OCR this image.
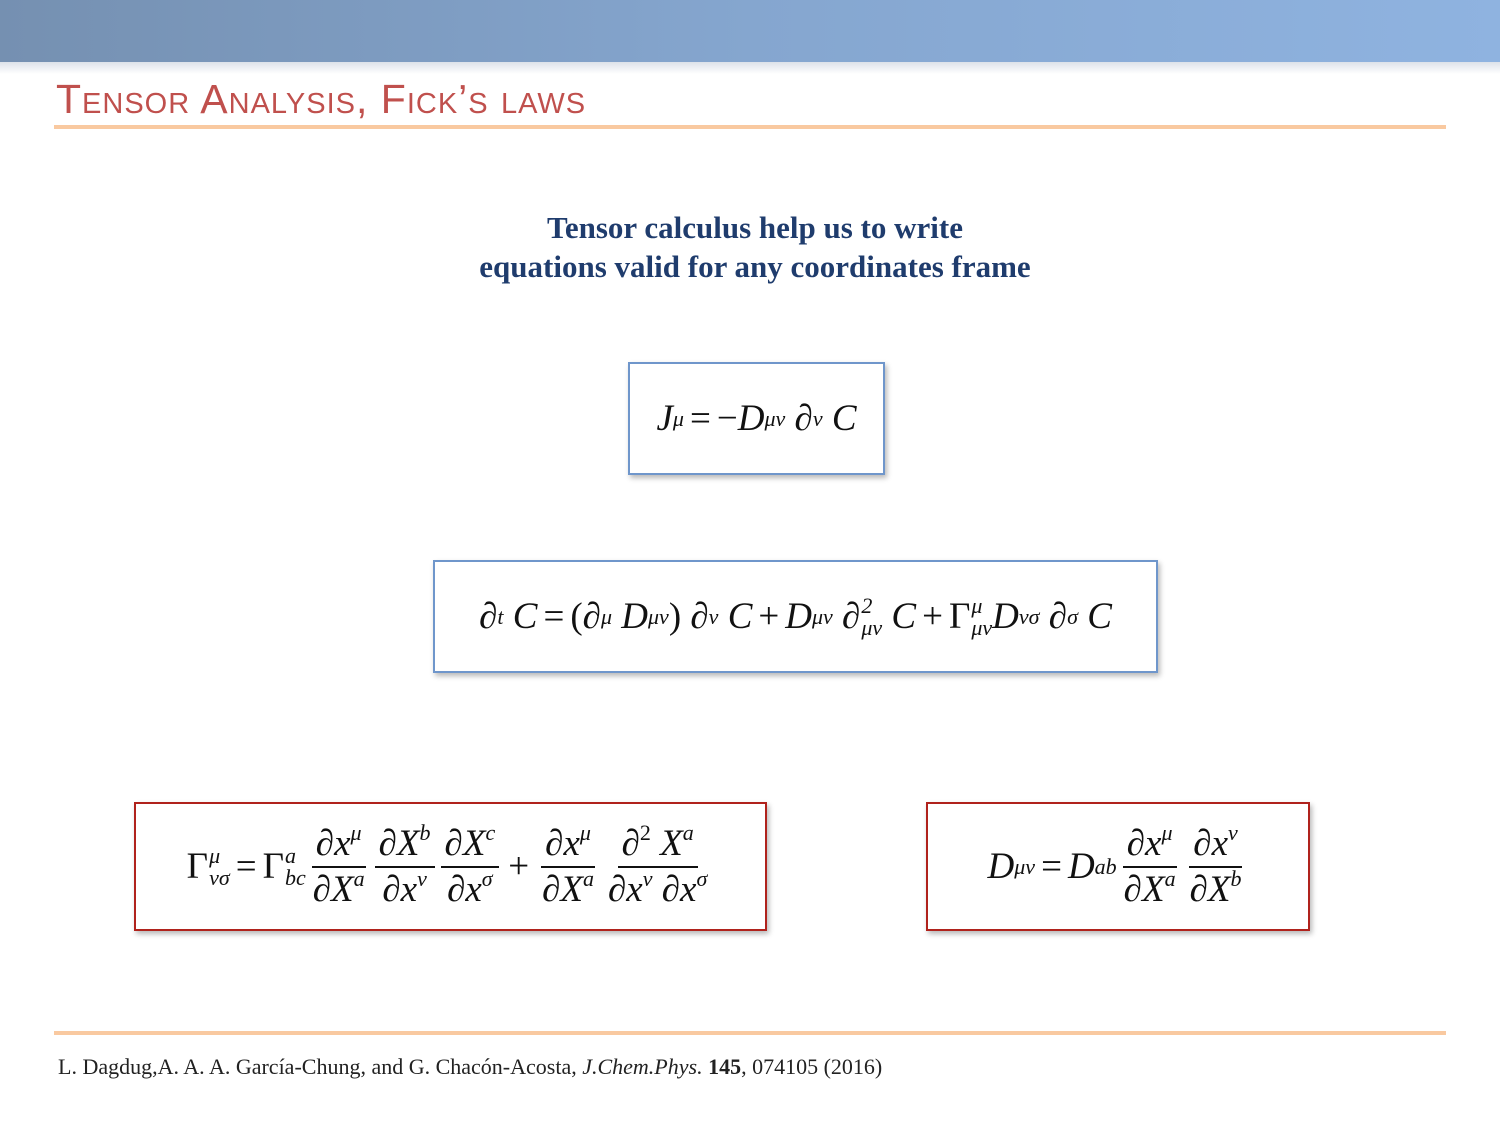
Tensor Analysis, Fick’s laws
Tensor calculus help us to write
equations valid for any coordinates frame
J μ = − D μν ∂ ν
C
∂ t
C = (∂ μ
D μν ) ∂ ν
C + D μν ∂ 2
μν
C + Γ μ
μν D νσ ∂ σ
C
Γ μ
νσ = Γ a
bc $\frac{\partial x^\mu}{\partial X^a} \frac{\partial X^b}{\partial x^\nu} \frac{\partial X^c}{\partial x^\sigma} + \frac{\partial x^\mu}{\partial X^a} \frac{\partial^2 X^a}{\partial x^\nu \partial x^\sigma}$	D μν = D ab $\frac{\partial x^\mu}{\partial X^a} \frac{\partial x^\nu}{\partial X^b}$
L. Dagdug,A. A. A. García-Chung, and G. Chacón-Acosta, J.Chem.Phys. 145, 074105 (2016)
